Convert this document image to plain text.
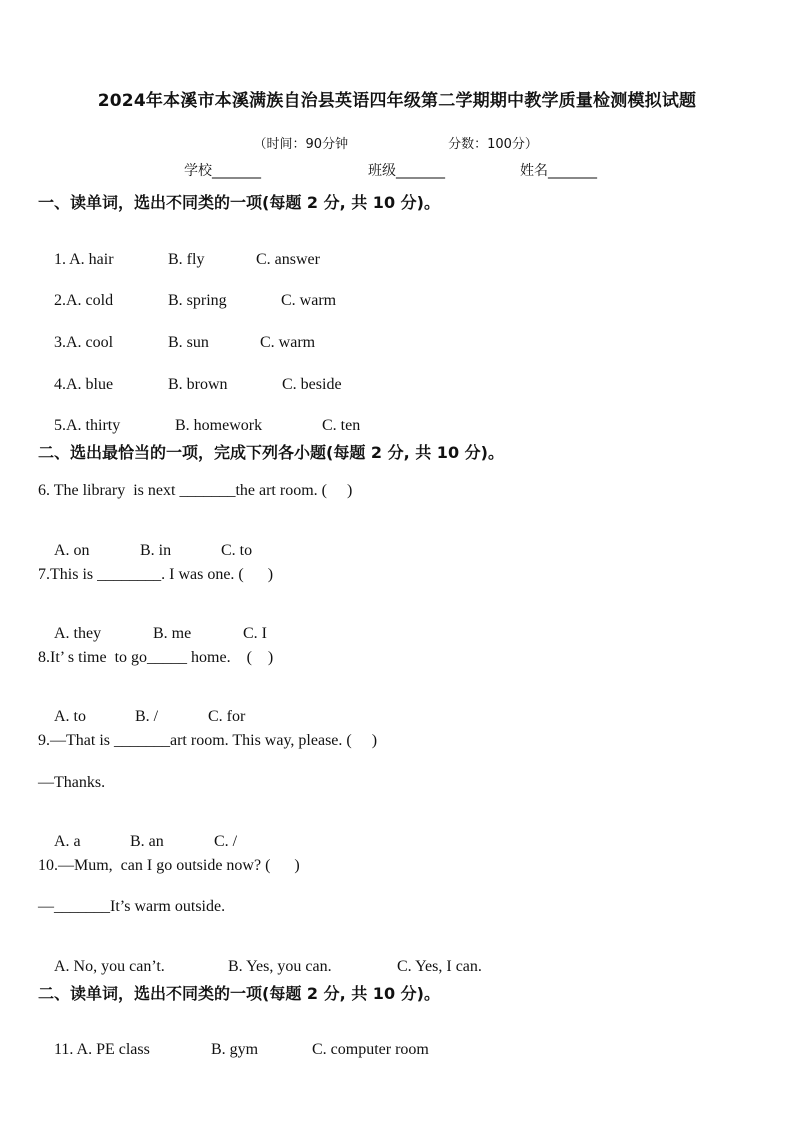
2024年本溪市本溪满族自治县英语四年级第二学期期中教学质量检测模拟试题

（时间：90分钟	分数：100分）

学校_______	班级_______	姓名_______
一、读单词，选出不同类的一项(每题 2 分, 共 10 分)。

1. A. hair	B. fly	C. answer

2.A. cold	B. spring	C. warm

3.A. cool	B. sun	C. warm

4.A. blue	B. brown	C. beside

5.A. thirty	B. homework	C. ten

二、选出最恰当的一项，完成下列各小题(每题 2 分, 共 10 分)。
6. The library  is next _______the art room. (     )

A. on	B. in	C. to

7.This is ________. I was one. (      )

A. they	B. me	C. I

8.It’ s time  to go_____ home.    (    )

A. to	B. /	C. for

9.—That is _______art room. This way, please. (     )
—Thanks.

A. a	B. an	C. /

10.—Mum,  can I go outside now? (      )
—_______It’s warm outside.

A. No, you can’t.	B. Yes, you can.	C. Yes, I can.

二、读单词，选出不同类的一项(每题 2 分, 共 10 分)。

11. A. PE class	B. gym	C. computer room
